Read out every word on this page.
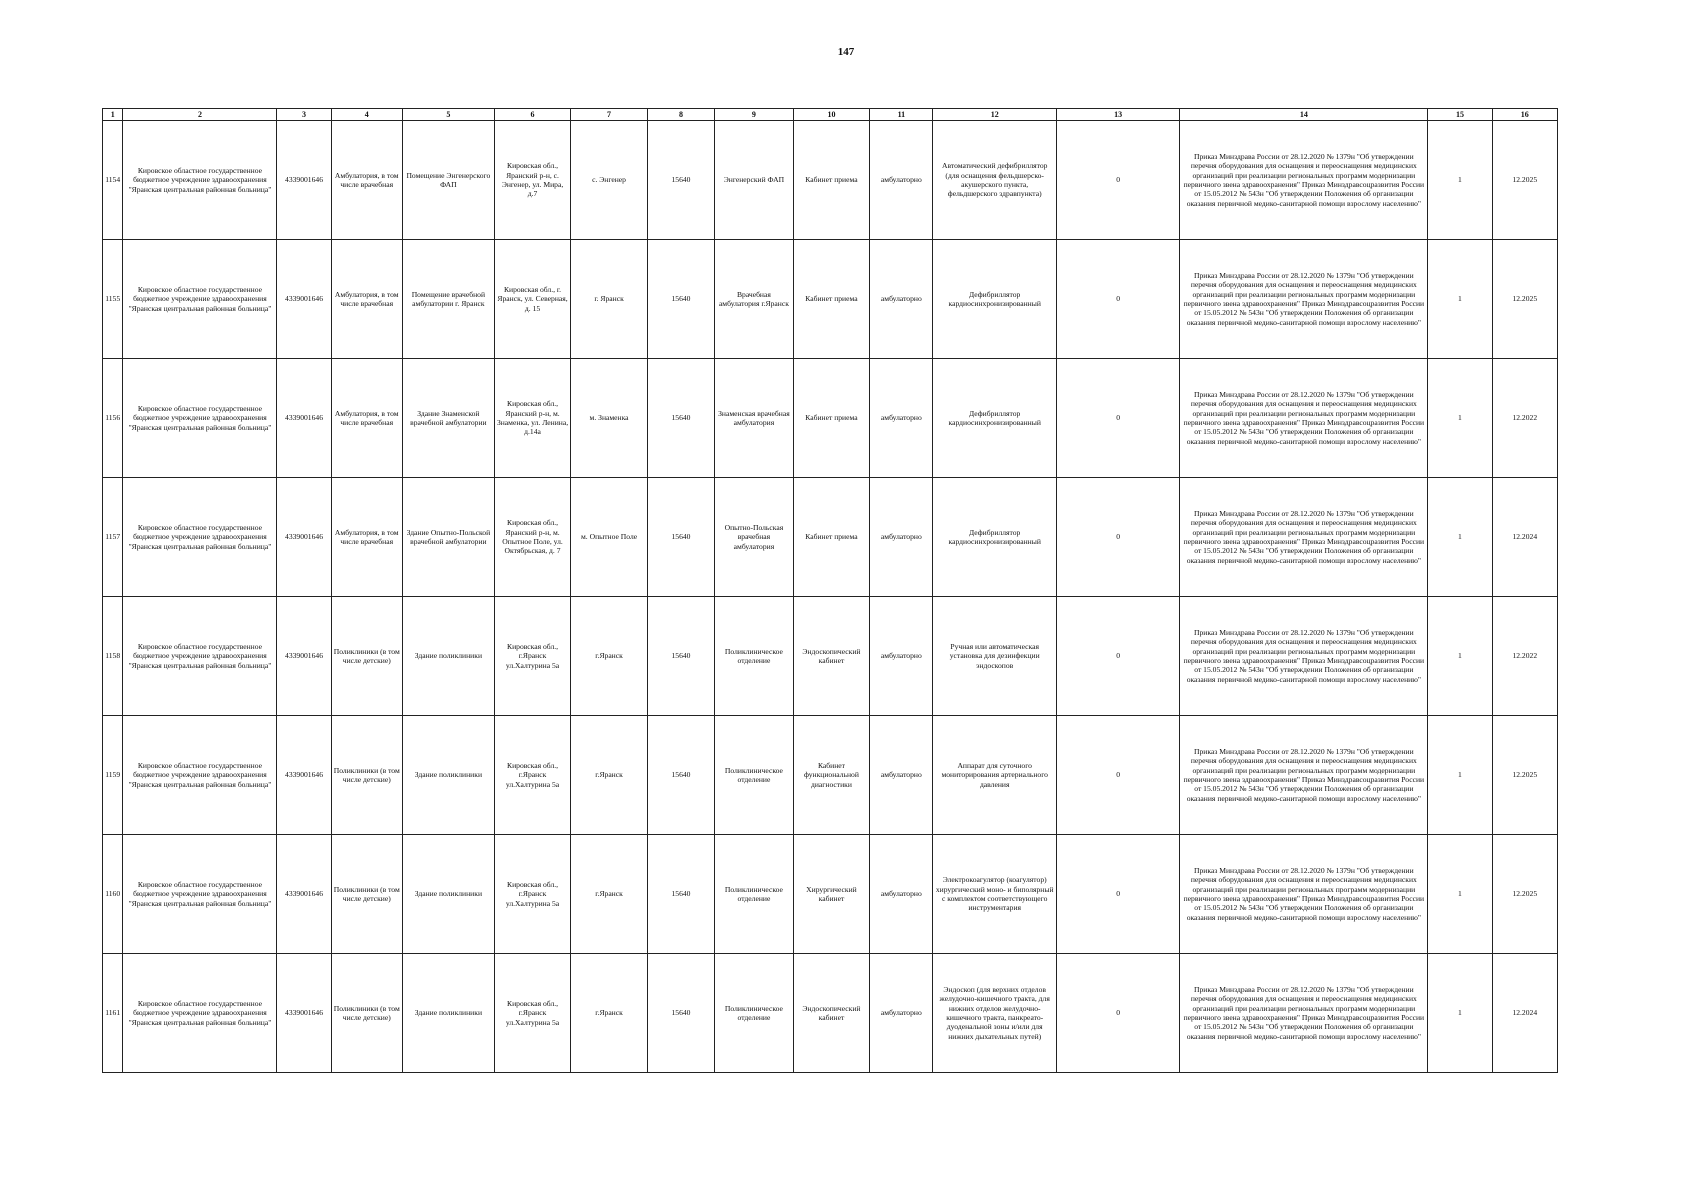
147
1	2	3	4	5	6	7	8	9	10	11	12	13	14	15	16
1154	Кировское областное государственное бюджетное учреждение здравоохранения "Яранская центральная районная больница"	4339001646	Амбулатория, в том числе врачебная	Помещение Энгенерского ФАП	Кировская обл., Яранский р-н, с. Энгенер, ул. Мира, д.7	с. Энгенер	15640	Энгенерский ФАП	Кабинет приема	амбулаторно	Автоматический дефибриллятор (для оснащения фельдшерско-акушерского пункта, фельдшерского здравпункта)	0	Приказ Минздрава России от 28.12.2020 № 1379н "Об утверждении перечня оборудования для оснащения и переоснащения медицинских организаций при реализации региональных программ модернизации первичного звена здравоохранения" Приказ Минздравсоцразвития России от 15.05.2012 № 543н "Об утверждении Положения об организации оказания первичной медико-санитарной помощи взрослому населению"	1	12.2025
1155	Кировское областное государственное бюджетное учреждение здравоохранения "Яранская центральная районная больница"	4339001646	Амбулатория, в том числе врачебная	Помещение врачебной амбулатории г. Яранск	Кировская обл., г. Яранск, ул. Северная, д. 15	г. Яранск	15640	Врачебная амбулатория г.Яранск	Кабинет приема	амбулаторно	Дефибриллятор кардиосинхронизированный	0	Приказ Минздрава России от 28.12.2020 № 1379н "Об утверждении перечня оборудования для оснащения и переоснащения медицинских организаций при реализации региональных программ модернизации первичного звена здравоохранения" Приказ Минздравсоцразвития России от 15.05.2012 № 543н "Об утверждении Положения об организации оказания первичной медико-санитарной помощи взрослому населению"	1	12.2025
1156	Кировское областное государственное бюджетное учреждение здравоохранения "Яранская центральная районная больница"	4339001646	Амбулатория, в том числе врачебная	Здание Знаменской врачебной амбулатории	Кировская обл., Яранский р-н, м. Знаменка, ул. Ленина, д.14а	м. Знаменка	15640	Знаменская врачебная амбулатория	Кабинет приема	амбулаторно	Дефибриллятор кардиосинхронизированный	0	Приказ Минздрава России от 28.12.2020 № 1379н "Об утверждении перечня оборудования для оснащения и переоснащения медицинских организаций при реализации региональных программ модернизации первичного звена здравоохранения" Приказ Минздравсоцразвития России от 15.05.2012 № 543н "Об утверждении Положения об организации оказания первичной медико-санитарной помощи взрослому населению"	1	12.2022
1157	Кировское областное государственное бюджетное учреждение здравоохранения "Яранская центральная районная больница"	4339001646	Амбулатория, в том числе врачебная	Здание Опытно-Польской врачебной амбулатории	Кировская обл., Яранский р-н, м. Опытное Поле, ул. Октябрьская, д. 7	м. Опытное Поле	15640	Опытно-Польская врачебная амбулатория	Кабинет приема	амбулаторно	Дефибриллятор кардиосинхронизированный	0	Приказ Минздрава России от 28.12.2020 № 1379н "Об утверждении перечня оборудования для оснащения и переоснащения медицинских организаций при реализации региональных программ модернизации первичного звена здравоохранения" Приказ Минздравсоцразвития России от 15.05.2012 № 543н "Об утверждении Положения об организации оказания первичной медико-санитарной помощи взрослому населению"	1	12.2024
1158	Кировское областное государственное бюджетное учреждение здравоохранения "Яранская центральная районная больница"	4339001646	Поликлиники (в том числе детские)	Здание поликлиники	Кировская обл., г.Яранск ул.Халтурина 5а	г.Яранск	15640	Поликлиническое отделение	Эндоскопический кабинет	амбулаторно	Ручная или автоматическая установка для дезинфекции эндоскопов	0	Приказ Минздрава России от 28.12.2020 № 1379н "Об утверждении перечня оборудования для оснащения и переоснащения медицинских организаций при реализации региональных программ модернизации первичного звена здравоохранения" Приказ Минздравсоцразвития России от 15.05.2012 № 543н "Об утверждении Положения об организации оказания первичной медико-санитарной помощи взрослому населению"	1	12.2022
1159	Кировское областное государственное бюджетное учреждение здравоохранения "Яранская центральная районная больница"	4339001646	Поликлиники (в том числе детские)	Здание поликлиники	Кировская обл., г.Яранск ул.Халтурина 5а	г.Яранск	15640	Поликлиническое отделение	Кабинет функциональной диагностики	амбулаторно	Аппарат для суточного мониторирования артериального давления	0	Приказ Минздрава России от 28.12.2020 № 1379н "Об утверждении перечня оборудования для оснащения и переоснащения медицинских организаций при реализации региональных программ модернизации первичного звена здравоохранения" Приказ Минздравсоцразвития России от 15.05.2012 № 543н "Об утверждении Положения об организации оказания первичной медико-санитарной помощи взрослому населению"	1	12.2025
1160	Кировское областное государственное бюджетное учреждение здравоохранения "Яранская центральная районная больница"	4339001646	Поликлиники (в том числе детские)	Здание поликлиники	Кировская обл., г.Яранск ул.Халтурина 5а	г.Яранск	15640	Поликлиническое отделение	Хирургический кабинет	амбулаторно	Электрокоагулятор (коагулятор) хирургический моно- и биполярный с комплектом соответствующего инструментария	0	Приказ Минздрава России от 28.12.2020 № 1379н "Об утверждении перечня оборудования для оснащения и переоснащения медицинских организаций при реализации региональных программ модернизации первичного звена здравоохранения" Приказ Минздравсоцразвития России от 15.05.2012 № 543н "Об утверждении Положения об организации оказания первичной медико-санитарной помощи взрослому населению"	1	12.2025
1161	Кировское областное государственное бюджетное учреждение здравоохранения "Яранская центральная районная больница"	4339001646	Поликлиники (в том числе детские)	Здание поликлиники	Кировская обл., г.Яранск ул.Халтурина 5а	г.Яранск	15640	Поликлиническое отделение	Эндоскопический кабинет	амбулаторно	Эндоскоп (для верхних отделов желудочно-кишечного тракта, для нижних отделов желудочно-кишечного тракта, панкреато-дуоденальной зоны и/или для нижних дыхательных путей)	0	Приказ Минздрава России от 28.12.2020 № 1379н "Об утверждении перечня оборудования для оснащения и переоснащения медицинских организаций при реализации региональных программ модернизации первичного звена здравоохранения" Приказ Минздравсоцразвития России от 15.05.2012 № 543н "Об утверждении Положения об организации оказания первичной медико-санитарной помощи взрослому населению"	1	12.2024
